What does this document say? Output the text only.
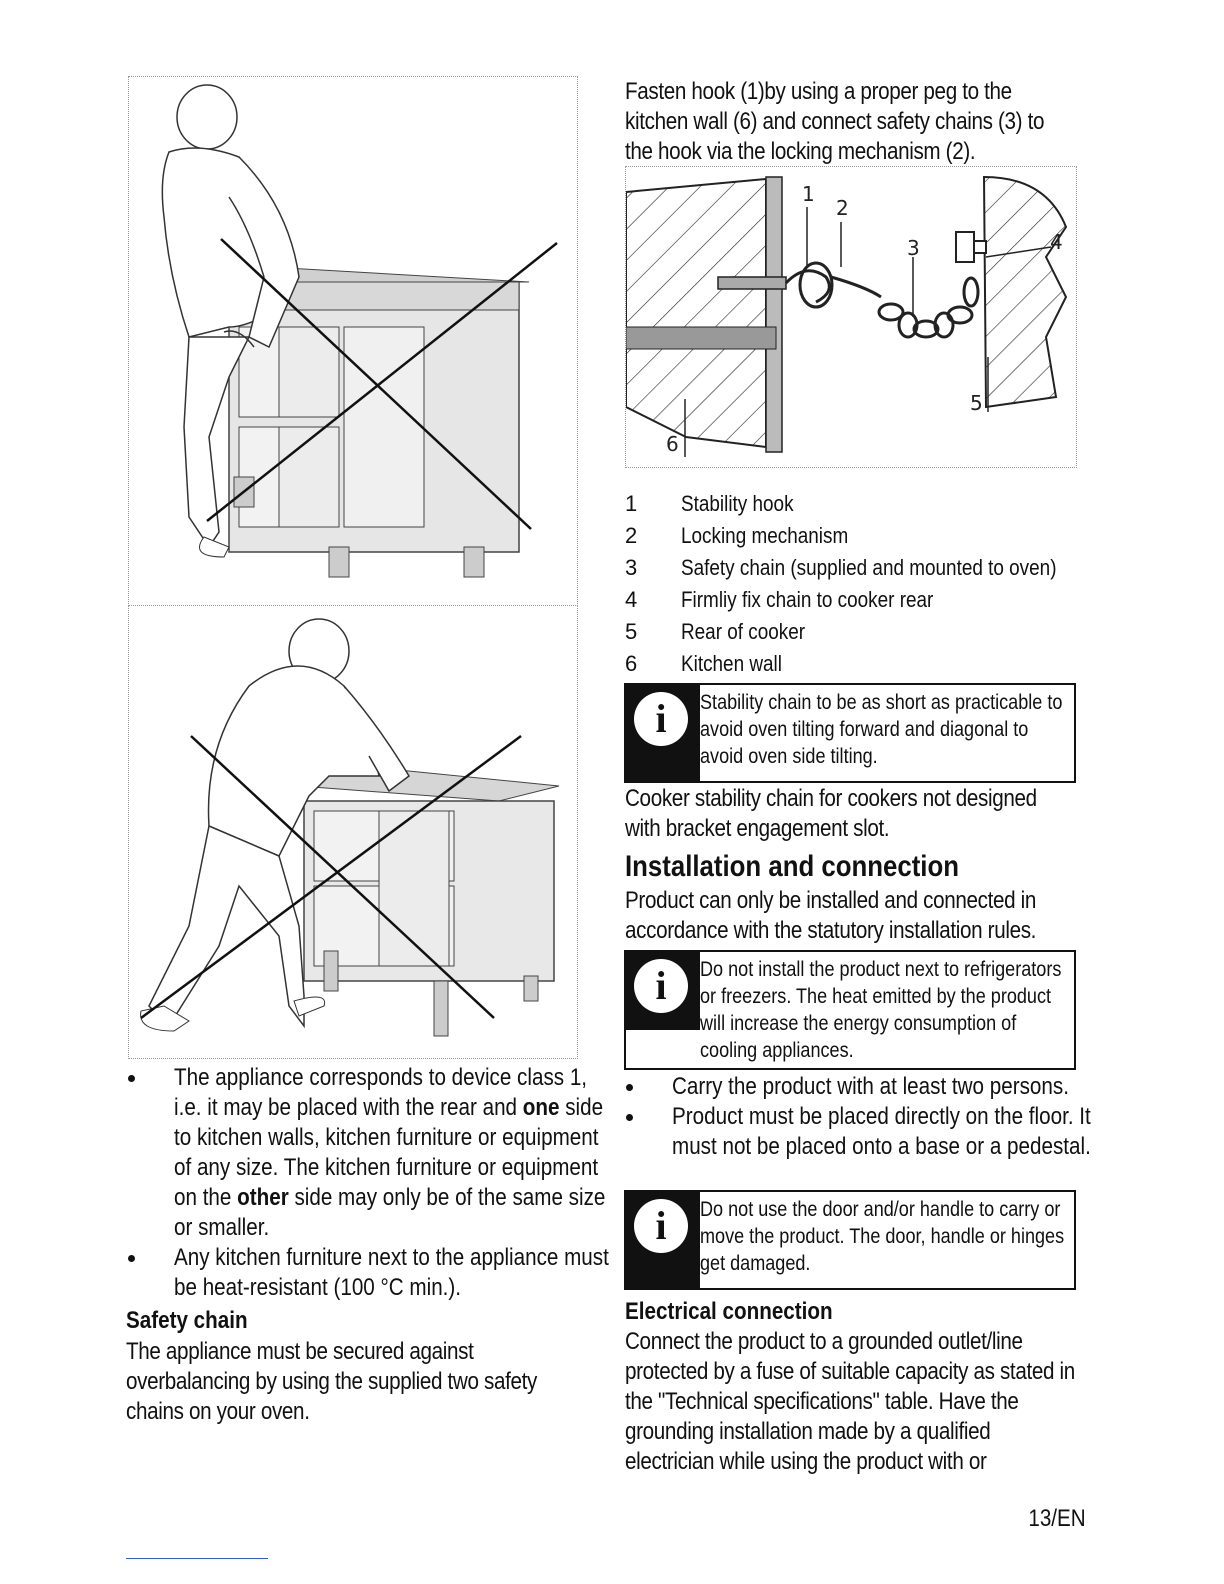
The appliance corresponds to device class 1, i.e. it may be placed with the rear and one side to kitchen walls, kitchen furniture or equipment of any size. The kitchen furniture or equipment on the other side may only be of the same size or smaller.
Any kitchen furniture next to the appliance must be heat-resistant (100 °C min.).
Safety chain
The appliance must be secured against overbalancing by using the supplied two safety chains on your oven.
Fasten hook (1)by using a proper peg to the kitchen wall (6) and connect safety chains (3) to the hook via the locking mechanism (2).
1
2
3	4
5
6
1 Stability hook
2 Locking mechanism
3 Safety chain (supplied and mounted to oven)
4 Firmliy fix chain to cooker rear
5 Rear of cooker
6 Kitchen wall
i	Stability chain to be as short as practicable to avoid oven tilting forward and diagonal to avoid oven side tilting.
Cooker stability chain for cookers not designed with bracket engagement slot.
Installation and connection
Product can only be installed and connected in accordance with the statutory installation rules.
i	Do not install the product next to refrigerators or freezers. The heat emitted by the product will increase the energy consumption of cooling appliances.
Carry the product with at least two persons.
Product must be placed directly on the floor. It must not be placed onto a base or a pedestal.
i	Do not use the door and/or handle to carry or move the product. The door, handle or hinges get damaged.
Electrical connection
Connect the product to a grounded outlet/line protected by a fuse of suitable capacity as stated in the "Technical specifications" table. Have the grounding installation made by a qualified electrician while using the product with or
13/EN
